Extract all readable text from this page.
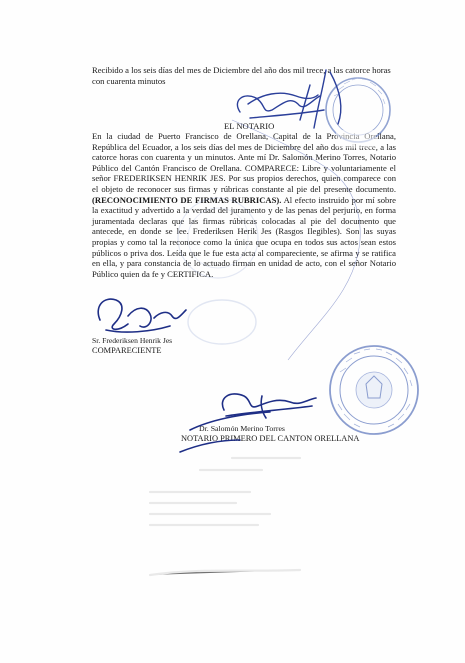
Recibido a los seis días del mes de Diciembre del año dos mil trece, a las catorce horas con cuarenta minutos

EL NOTARIO

En la ciudad de Puerto Francisco de Orellana, Capital de la Provincia Orellana, República del Ecuador, a los seis días del mes de Diciembre del año dos mil trece, a las catorce horas con cuarenta y un minutos. Ante mí Dr. Salomón Merino Torres, Notario Público del Cantón Francisco de Orellana. COMPARECE: Libre y voluntariamente el señor FREDERIKSEN HENRIK JES. Por sus propios derechos, quien comparece con el objeto de reconocer sus firmas y rúbricas constante al pie del presente documento. (RECONOCIMIENTO DE FIRMAS RUBRICAS). Al efecto instruido por mí sobre la exactitud y advertido a la verdad del juramento y de las penas del perjurio, en forma juramentada declaras que las firmas rúbricas colocadas al pie del documento que antecede, en donde se lee. Frederiksen Herik Jes (Rasgos Ilegibles). Son las suyas propias y como tal la reconoce como la única que ocupa en todos sus actos sean estos públicos o priva dos. Leída que le fue esta acta al compareciente, se afirma y se ratifica en ella, y para constancia de lo actuado firman en unidad de acto, con el señor Notario Público quien da fe y CERTIFICA.

Sr. Frederiksen Henrik Jes
COMPARECIENTE
Dr. Salomón Merino Torres
NOTARIO PRIMERO DEL CANTON ORELLANA
